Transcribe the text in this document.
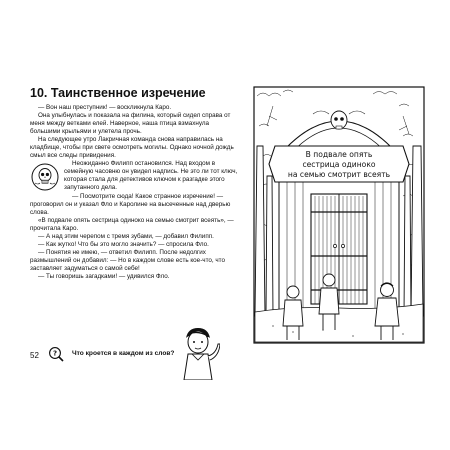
10. Таинственное изречение

— Вон наш преступник! — воскликнула Каро.

Она улыбнулась и показала на филина, который сидел справа от меня между ветками елей. Наверное, наша птица взмахнула большими крыльями и улетела прочь.

На следующее утро Лакричная команда снова направилась на кладбище, чтобы при свете осмотреть могилы. Однако ночной дождь смыл все следы привидения.

Неожиданно Филипп остановился. Над входом в семейную часовню он увидел надпись. Не это ли тот ключ, которая стала для детективов ключом к разгадке этого запутанного дела.

— Посмотрите сюда! Какое странное изречение! — проговорил он и указал Фло и Каролине на высеченные над дверью слова.

«В подвале опять сестрица одиноко на семью смотрит всеять», — прочитала Каро.

— А над этим черепом с тремя зубами, — добавил Филипп.

— Как жутко! Что бы это могло значить? — спросила Фло.

— Понятия не имею, — ответил Филипп. После недолгих размышлений он добавил: — Но в каждом слове есть кое-что, что заставляет задуматься о самой себе!

— Ты говоришь загадками! — удивился Фло.

В подвале опять
сестрица одиноко
на семью смотрит всеять
52 ? Что кроется в каждом из слов?
